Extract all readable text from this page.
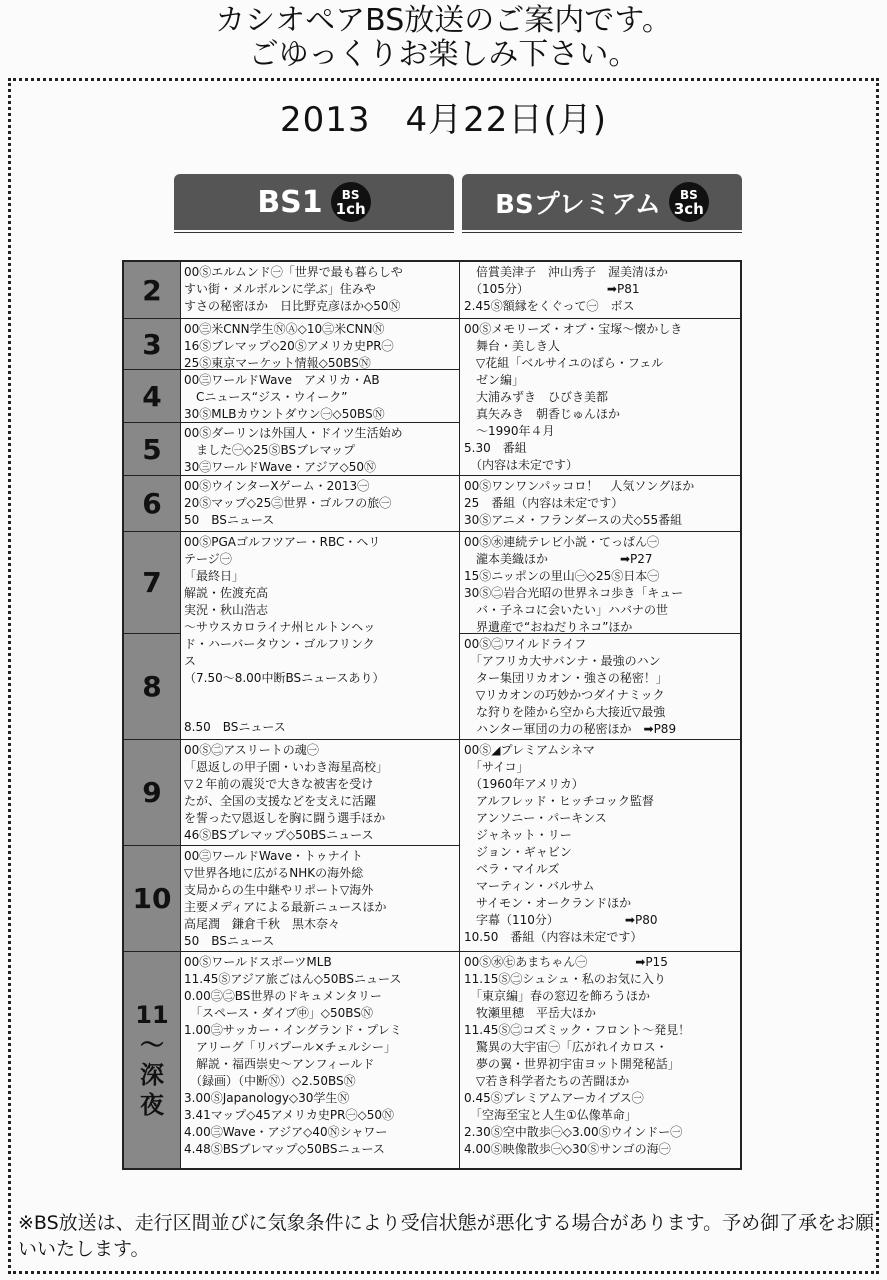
カシオペアBS放送のご案内です。
ごゆっくりお楽しみ下さい。
2013　4月22日(月)
BS1 BS
1ch	BSプレミアム BS
3ch
2
3
4
5
6
7
8
9
10
11
〜
深
夜

00Ⓢエルムンド㊀「世界で最も暮らしや

すい街・メルボルンに学ぶ」住みや

すさの秘密ほか　日比野克彦ほか◇50Ⓝ

00㊂米CNN学生ⓃⒶ◇10㊂米CNNⓃ

16Ⓢブレマップ◇20Ⓢアメリカ史PR㊀

25Ⓢ東京マーケット情報◇50BSⓃ

00㊂ワールドWave　アメリカ・AB

　Cニュース“ジス・ウイーク”

30ⓈMLBカウントダウン㊀◇50BSⓃ

00Ⓢダーリンは外国人・ドイツ生活始め

　ました㊀◇25ⓈBSブレマップ

30㊂ワールドWave・アジア◇50Ⓝ

00ⓈウインターXゲーム・2013㊀

20Ⓢマップ◇25㊂世界・ゴルフの旅㊀

50　BSニュース

00ⓈPGAゴルフツアー・RBC・ヘリ

テージ㊀

「最終日」

解説・佐渡充高

実況・秋山浩志

〜サウスカロライナ州ヒルトンヘッ

ド・ハーバータウン・ゴルフリンク

ス

（7.50〜8.00中断BSニュースあり）

8.50　BSニュース

00Ⓢ㊁アスリートの魂㊀

「恩返しの甲子園・いわき海星高校」

▽２年前の震災で大きな被害を受け

たが、全国の支援などを支えに活躍

を誓った▽恩返しを胸に闘う選手ほか

46ⓈBSブレマップ◇50BSニュース

00㊂ワールドWave・トゥナイト

▽世界各地に広がるNHKの海外総

支局からの生中継やリポート▽海外

主要メディアによる最新ニュースほか

高尾潤　鎌倉千秋　黒木奈々

50　BSニュース

00ⓈワールドスポーツMLB

11.45Ⓢアジア旅ごはん◇50BSニュース

0.00㊂㊁BS世界のドキュメンタリー

　「スペース・ダイブ㊥」◇50BSⓃ

1.00㊂サッカー・イングランド・プレミ

　アリーグ「リバプール×チェルシー」

　解説・福西崇史〜アンフィールド

　（録画）（中断Ⓝ）◇2.50BSⓃ

3.00ⓈJapanology◇30学生Ⓝ

3.41マップ◇45アメリカ史PR㊀◇50Ⓝ

4.00㊂Wave・アジア◇40Ⓝシャワー

4.48ⓈBSブレマップ◇50BSニュース

　倍賞美津子　沖山秀子　渥美清ほか

　（105分）　　　　　　　➡P81

2.45Ⓢ額縁をくぐって㊀　ボス

00Ⓢメモリーズ・オブ・宝塚〜懐かしき

　舞台・美しき人

　▽花組「ベルサイユのばら・フェル

　ゼン編」

　大浦みずき　ひびき美都

　真矢みき　朝香じゅんほか

　〜1990年４月

5.30　番組

　（内容は未定です）

00Ⓢワンワンパッコロ！　人気ソングほか

25　番組（内容は未定です）

30Ⓢアニメ・フランダースの犬◇55番組

00Ⓢ㊌連続テレビ小説・てっぱん㊀

　瀧本美織ほか　　　　　　➡P27

15Ⓢニッポンの里山㊀◇25Ⓢ日本㊀

30Ⓢ㊁岩合光昭の世界ネコ歩き「キュー

　バ・子ネコに会いたい」ハバナの世

　界遺産で“おねだりネコ”ほか

00Ⓢ㊁ワイルドライフ

　「アフリカ大サバンナ・最強のハン

　ター集団リカオン・強さの秘密！」

　▽リカオンの巧妙かつダイナミック

　な狩りを陸から空から大接近▽最強

　ハンター軍団の力の秘密ほか　➡P89

00Ⓢ◢プレミアムシネマ

　「サイコ」

　（1960年アメリカ）

　アルフレッド・ヒッチコック監督

　アンソニー・パーキンス

　ジャネット・リー

　ジョン・ギャビン

　ベラ・マイルズ

　マーティン・バルサム

　サイモン・オークランドほか

　字幕（110分）　　　　　　➡P80

10.50　番組（内容は未定です）

00Ⓢ㊌㊆あまちゃん㊀　　　　➡P15

11.15Ⓢ㊁シュシュ・私のお気に入り

　「東京編」春の窓辺を飾ろうほか

　牧瀬里穂　平岳大ほか

11.45Ⓢ㊁コズミック・フロント〜発見！

　驚異の大宇宙㊀「広がれイカロス・

　夢の翼・世界初宇宙ヨット開発秘話」

　▽若き科学者たちの苦闘ほか

0.45Ⓢプレミアムアーカイブス㊀

　「空海至宝と人生①仏像革命」

2.30Ⓢ空中散歩㊀◇3.00Ⓢウインドー㊀

4.00Ⓢ映像散歩㊀◇30Ⓢサンゴの海㊀

※BS放送は、走行区間並びに気象条件により受信状態が悪化する場合があります。予め御了承をお願いいたします。
